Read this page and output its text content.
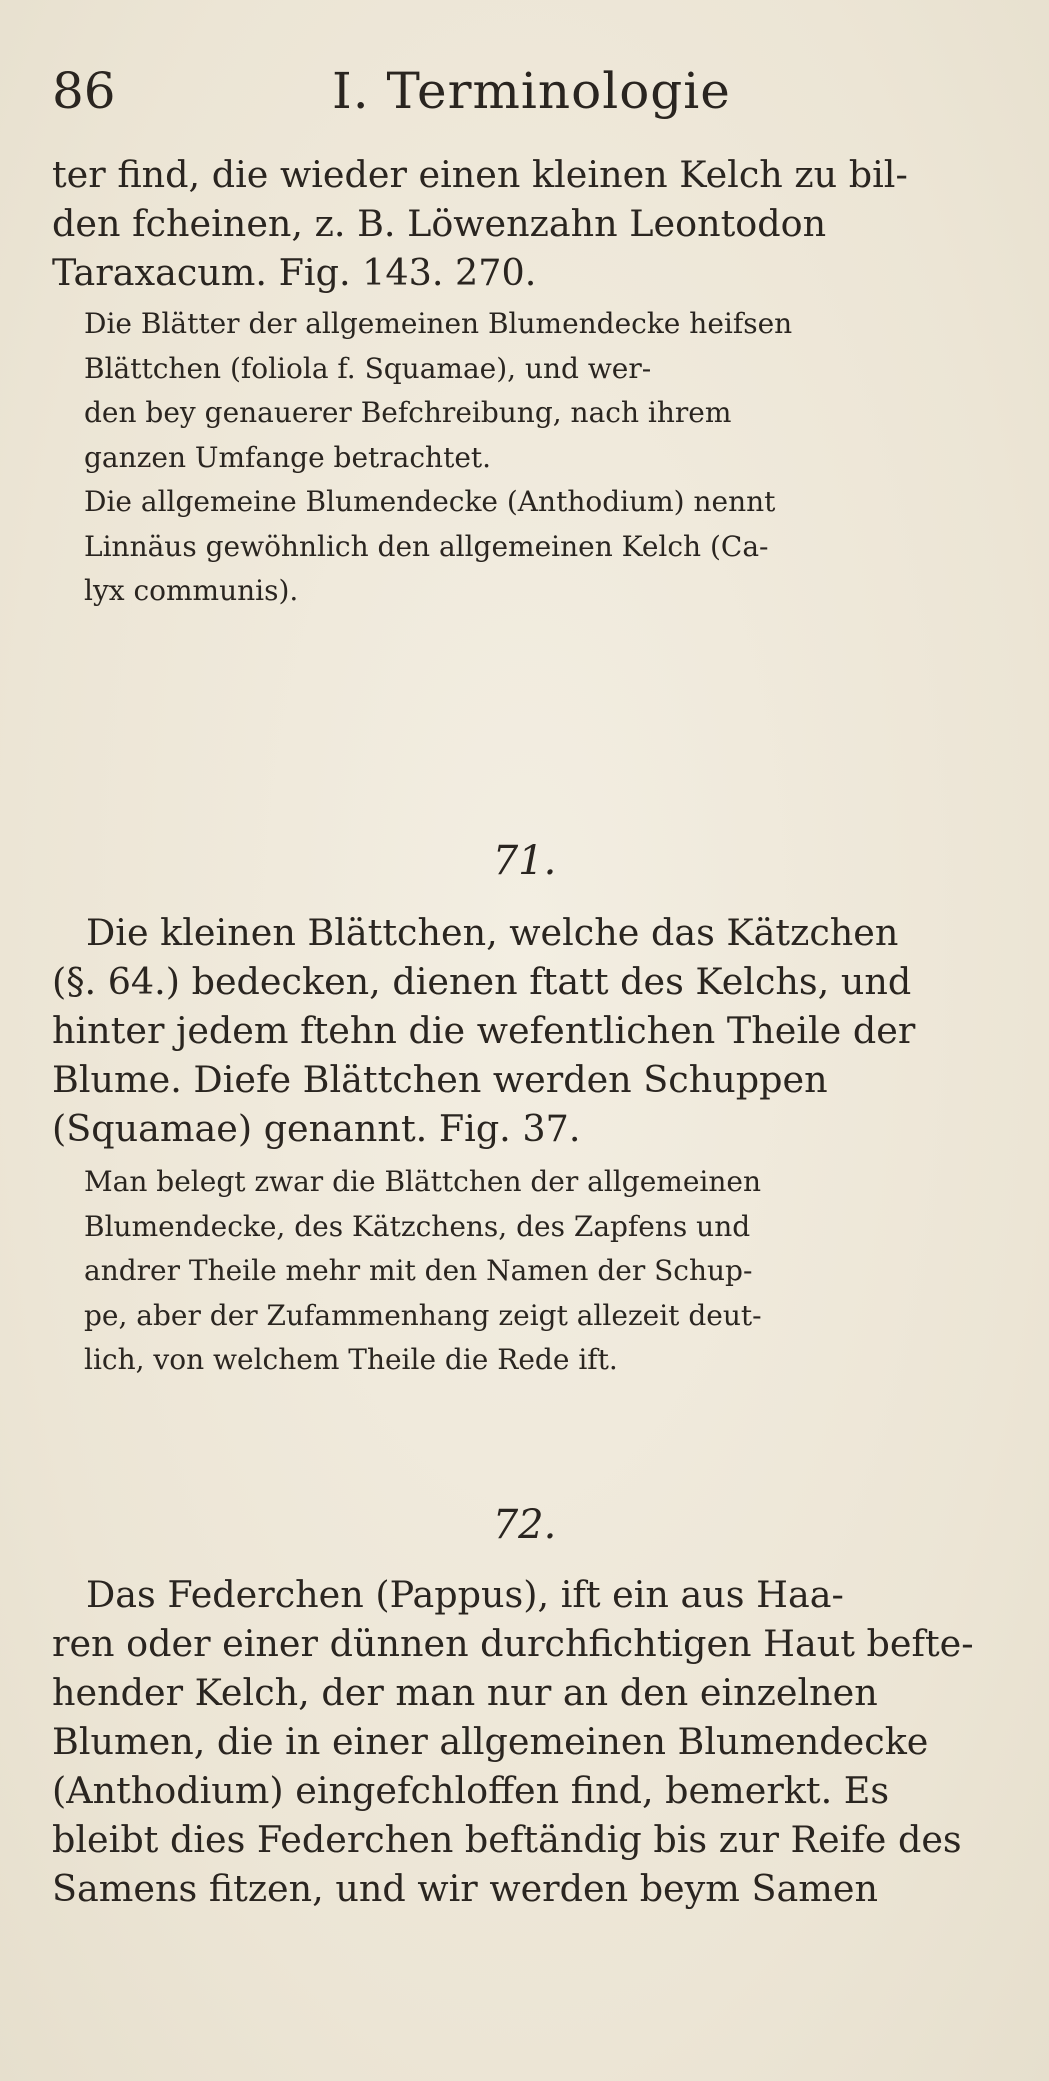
86	I. Terminologie

ter find, die wieder einen kleinen Kelch zu bil-

den fcheinen, z. B. Löwenzahn Leontodon

Taraxacum. Fig. 143. 270.

Die Blätter der allgemeinen Blumendecke heifsen

Blättchen (foliola f. Squamae), und wer-

den bey genauerer Befchreibung, nach ihrem

ganzen Umfange betrachtet.

Die allgemeine Blumendecke (Anthodium) nennt

Linnäus gewöhnlich den allgemeinen Kelch (Ca-

lyx communis).

71.

Die kleinen Blättchen, welche das Kätzchen

(§. 64.) bedecken, dienen ftatt des Kelchs, und

hinter jedem ftehn die wefentlichen Theile der

Blume. Diefe Blättchen werden Schuppen

(Squamae) genannt. Fig. 37.

Man belegt zwar die Blättchen der allgemeinen

Blumendecke, des Kätzchens, des Zapfens und

andrer Theile mehr mit den Namen der Schup-

pe, aber der Zufammenhang zeigt allezeit deut-

lich, von welchem Theile die Rede ift.

72.

Das Federchen (Pappus), ift ein aus Haa-

ren oder einer dünnen durchfichtigen Haut befte-

hender Kelch, der man nur an den einzelnen

Blumen, die in einer allgemeinen Blumendecke

(Anthodium) eingefchloffen find, bemerkt. Es

bleibt dies Federchen beftändig bis zur Reife des

Samens fitzen, und wir werden beym Samen
